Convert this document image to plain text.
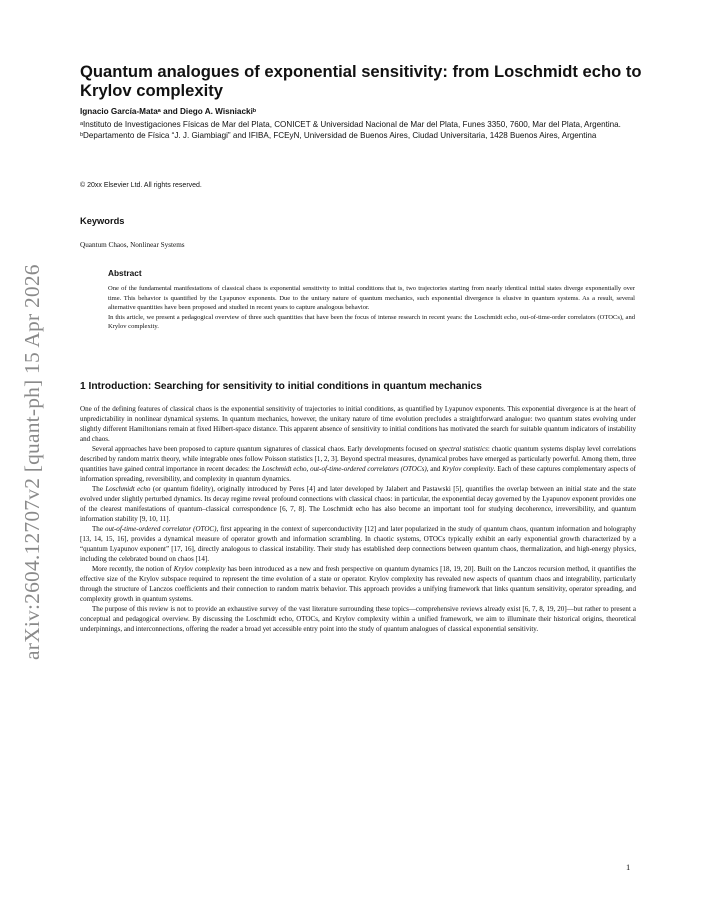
arXiv:2604.12707v2 [quant-ph] 15 Apr 2026
Quantum analogues of exponential sensitivity: from Loschmidt echo to Krylov complexity
Ignacio García-Mataᵃ and Diego A. Wisniackiᵇ

ᵃInstituto de Investigaciones Físicas de Mar del Plata, CONICET & Universidad Nacional de Mar del Plata, Funes 3350, 7600, Mar del Plata, Argentina.

ᵇDepartamento de Física “J. J. Giambiagi” and IFIBA, FCEyN, Universidad de Buenos Aires, Ciudad Universitaria, 1428 Buenos Aires, Argentina

© 20xx Elsevier Ltd. All rights reserved.
Keywords
Quantum Chaos, Nonlinear Systems
Abstract

One of the fundamental manifestations of classical chaos is exponential sensitivity to initial conditions that is, two trajectories starting from nearly identical initial states diverge exponentially over time. This behavior is quantified by the Lyapunov exponents. Due to the unitary nature of quantum mechanics, such exponential divergence is elusive in quantum systems. As a result, several alternative quantities have been proposed and studied in recent years to capture analogous behavior.

In this article, we present a pedagogical overview of three such quantities that have been the focus of intense research in recent years: the Loschmidt echo, out-of-time-order correlators (OTOCs), and Krylov complexity.

1 Introduction: Searching for sensitivity to initial conditions in quantum mechanics

One of the defining features of classical chaos is the exponential sensitivity of trajectories to initial conditions, as quantified by Lyapunov exponents. This exponential divergence is at the heart of unpredictability in nonlinear dynamical systems. In quantum mechanics, however, the unitary nature of time evolution precludes a straightforward analogue: two quantum states evolving under slightly different Hamiltonians remain at fixed Hilbert-space distance. This apparent absence of sensitivity to initial conditions has motivated the search for suitable quantum indicators of instability and chaos.

Several approaches have been proposed to capture quantum signatures of classical chaos. Early developments focused on spectral statistics: chaotic quantum systems display level correlations described by random matrix theory, while integrable ones follow Poisson statistics [1, 2, 3]. Beyond spectral measures, dynamical probes have emerged as particularly powerful. Among them, three quantities have gained central importance in recent decades: the Loschmidt echo, out-of-time-ordered correlators (OTOCs), and Krylov complexity. Each of these captures complementary aspects of information spreading, reversibility, and complexity in quantum dynamics.

The Loschmidt echo (or quantum fidelity), originally introduced by Peres [4] and later developed by Jalabert and Pastawski [5], quantifies the overlap between an initial state and the state evolved under slightly perturbed dynamics. Its decay regime reveal profound connections with classical chaos: in particular, the exponential decay governed by the Lyapunov exponent provides one of the clearest manifestations of quantum–classical correspondence [6, 7, 8]. The Loschmidt echo has also become an important tool for studying decoherence, irreversibility, and quantum information stability [9, 10, 11].

The out-of-time-ordered correlator (OTOC), first appearing in the context of superconductivity [12] and later popularized in the study of quantum chaos, quantum information and holography [13, 14, 15, 16], provides a dynamical measure of operator growth and information scrambling. In chaotic systems, OTOCs typically exhibit an early exponential growth characterized by a “quantum Lyapunov exponent” [17, 16], directly analogous to classical instability. Their study has established deep connections between quantum chaos, thermalization, and high-energy physics, including the celebrated bound on chaos [14].

More recently, the notion of Krylov complexity has been introduced as a new and fresh perspective on quantum dynamics [18, 19, 20]. Built on the Lanczos recursion method, it quantifies the effective size of the Krylov subspace required to represent the time evolution of a state or operator. Krylov complexity has revealed new aspects of quantum chaos and integrability, particularly through the structure of Lanczos coefficients and their connection to random matrix behavior. This approach provides a unifying framework that links quantum sensitivity, operator spreading, and complexity growth in quantum systems.

The purpose of this review is not to provide an exhaustive survey of the vast literature surrounding these topics—comprehensive reviews already exist [6, 7, 8, 19, 20]—but rather to present a conceptual and pedagogical overview. By discussing the Loschmidt echo, OTOCs, and Krylov complexity within a unified framework, we aim to illuminate their historical origins, theoretical underpinnings, and interconnections, offering the reader a broad yet accessible entry point into the study of quantum analogues of classical exponential sensitivity.

1
